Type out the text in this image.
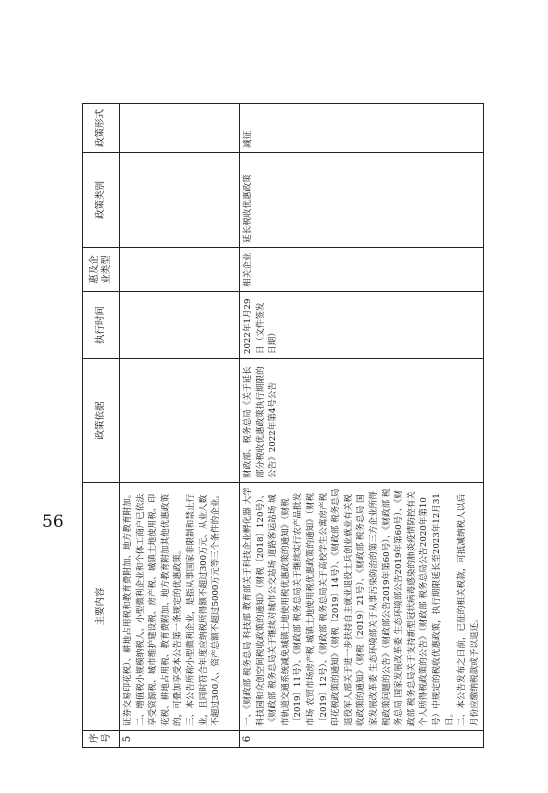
序号	主要内容	政策依据	执行时间	惠及企业类型	政策类别	政策形式
5	证券交易印花税）、耕地占用税和教育费附加、地方教育附加。 二、增值税小规模纳税人、小型微利企业和个体工商户已依法享受资源税、城市维护建设税、房产税、城镇土地使用税、印花税、耕地占用税、教育费附加、地方教育附加其他优惠政策的，可叠加享受本公告第一条规定的优惠政策。 三、本公告所称小型微利企业，是指从事国家非限制和禁止行业，且同时符合年度应纳税所得额不超过300万元、从业人数不超过300人、资产总额不超过5000万元等三个条件的企业。					

6	一、《财政部 税务总局 科技部 教育部关于科技企业孵化器 大学科技园和众创空间税收政策的通知》（财税〔2018〕120号）、《财政部 税务总局关于继续对城市公交站场 道路客运站场 城市轨道交通系统减免城镇土地使用税优惠政策的通知》（财税〔2019〕11号）、《财政部 税务总局关于继续实行农产品批发市场 农贸市场房产税 城镇土地使用税优惠政策的通知》（财税〔2019〕12号）、《财政部 税务总局关于高校学生公寓房产税 印花税政策的通知》（财税〔2019〕14号）、《财政部 税务总局 退役军人部关于进一步扶持自主就业退役士兵创业就业有关税收政策的通知》（财税〔2019〕21号）、《财政部 税务总局 国家发展改革委 生态环境部关于从事污染防治的第三方企业所得税政策问题的公告》（财政部公告2019年第60号）、《财政部 税务总局 国家发展改革委 生态环境部公告2019年第60号）、《财政部 税务总局关于支持新型冠状病毒感染的肺炎疫情防控有关个人所得税政策的公告》（财政部 税务总局公告2020年第10号）中规定的税收优惠政策，执行期限延长至2023年12月31日。 二、本公告发布之日前，已征的相关税款，可抵减纳税人以后月份应缴纳税款或予以退还。	财政部、税务总局《关于延长部分税收优惠政策执行期限的公告》2022年第4号公告	2022年1月29日（文件签发日期）	相关企业	延长税收优惠政策	减征
56
